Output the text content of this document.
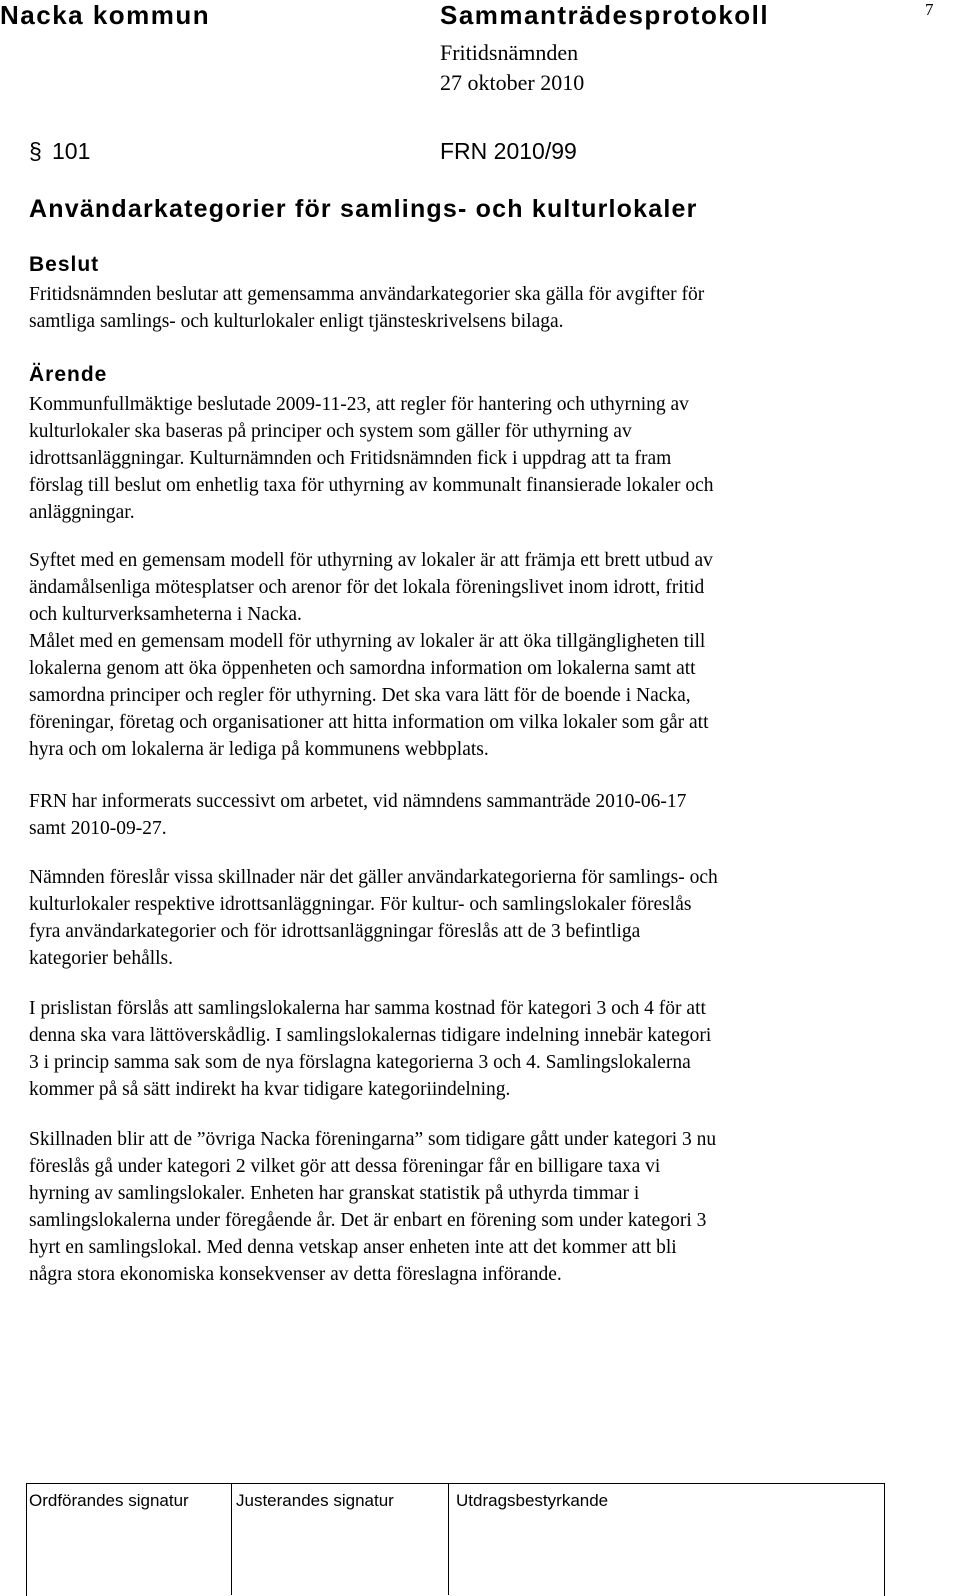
Nacka kommun	Sammanträdesprotokoll	7
Fritidsnämnden
27 oktober 2010
§ 101	FRN 2010/99
Användarkategorier för samlings- och kulturlokaler
Beslut
Fritidsnämnden beslutar att gemensamma användarkategorier ska gälla för avgifter för
samtliga samlings- och kulturlokaler enligt tjänsteskrivelsens bilaga.
Ärende
Kommunfullmäktige beslutade 2009-11-23, att regler för hantering och uthyrning av
kulturlokaler ska baseras på principer och system som gäller för uthyrning av
idrottsanläggningar. Kulturnämnden och Fritidsnämnden fick i uppdrag att ta fram
förslag till beslut om enhetlig taxa för uthyrning av kommunalt finansierade lokaler och
anläggningar.
Syftet med en gemensam modell för uthyrning av lokaler är att främja ett brett utbud av
ändamålsenliga mötesplatser och arenor för det lokala föreningslivet inom idrott, fritid
och kulturverksamheterna i Nacka.
Målet med en gemensam modell för uthyrning av lokaler är att öka tillgängligheten till
lokalerna genom att öka öppenheten och samordna information om lokalerna samt att
samordna principer och regler för uthyrning. Det ska vara lätt för de boende i Nacka,
föreningar, företag och organisationer att hitta information om vilka lokaler som går att
hyra och om lokalerna är lediga på kommunens webbplats.
FRN har informerats successivt om arbetet, vid nämndens sammanträde 2010-06-17
samt 2010-09-27.
Nämnden föreslår vissa skillnader när det gäller användarkategorierna för samlings- och
kulturlokaler respektive idrottsanläggningar. För kultur- och samlingslokaler föreslås
fyra användarkategorier och för idrottsanläggningar föreslås att de 3 befintliga
kategorier behålls.
I prislistan förslås att samlingslokalerna har samma kostnad för kategori 3 och 4 för att
denna ska vara lättöverskådlig. I samlingslokalernas tidigare indelning innebär kategori
3 i princip samma sak som de nya förslagna kategorierna 3 och 4. Samlingslokalerna
kommer på så sätt indirekt ha kvar tidigare kategoriindelning.
Skillnaden blir att de ”övriga Nacka föreningarna” som tidigare gått under kategori 3 nu
föreslås gå under kategori 2 vilket gör att dessa föreningar får en billigare taxa vi
hyrning av samlingslokaler. Enheten har granskat statistik på uthyrda timmar i
samlingslokalerna under föregående år. Det är enbart en förening som under kategori 3
hyrt en samlingslokal. Med denna vetskap anser enheten inte att det kommer att bli
några stora ekonomiska konsekvenser av detta föreslagna införande.
Ordförandes signatur	Justerandes signatur	Utdragsbestyrkande
